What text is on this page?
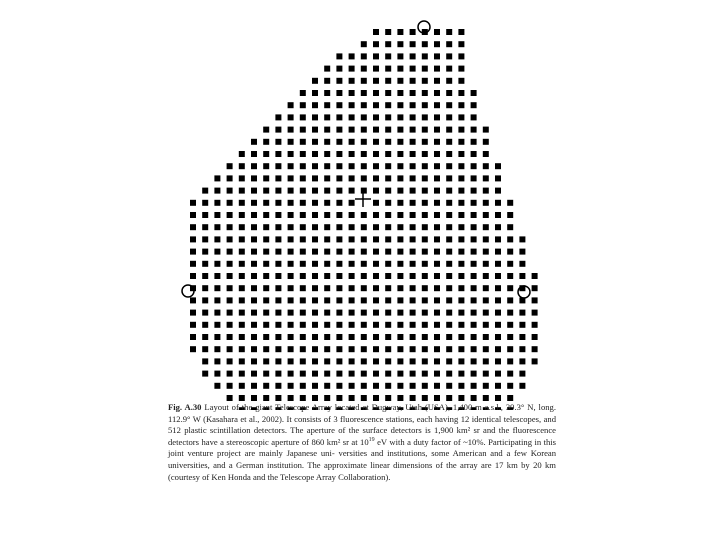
Fig. A.30 Layout of the giant Telescope Array located at Dugway, Utah (USA), 1,400 m a.s.l., 39.3° N, long. 112.9° W (Kasahara et al., 2002). It consists of 3 fluorescence stations, each having 12 identical telescopes, and 512 plastic scintillation detectors. The aperture of the surface detectors is 1,900 km² sr and the fluorescence detectors have a stereoscopic aperture of 860 km² sr at $10^{19}$ eV with a duty factor of ~10%. Participating in this joint venture project are mainly Japanese uni- versities and institutions, some American and a few Korean universities, and a German institution. The approximate linear dimensions of the array are 17 km by 20 km (courtesy of Ken Honda and the Telescope Array Collaboration).
